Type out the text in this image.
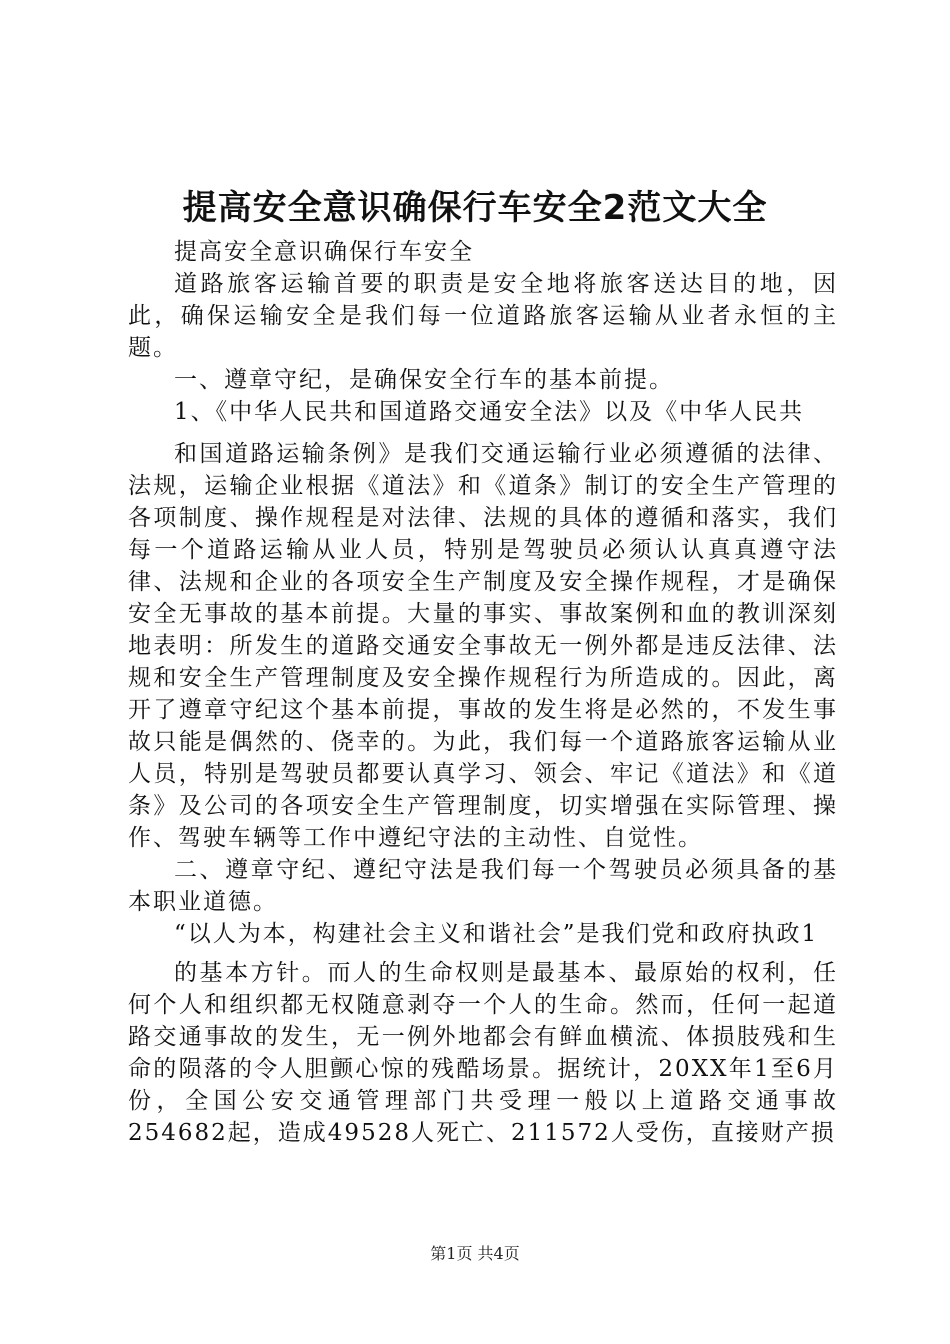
提高安全意识确保行车安全2范文大全

提高安全意识确保行车安全

道路旅客运输首要的职责是安全地将旅客送达目的地，因此，确保运输安全是我们每一位道路旅客运输从业者永恒的主题。

一、遵章守纪，是确保安全行车的基本前提。

1、《中华人民共和国道路交通安全法》以及《中华人民共

和国道路运输条例》是我们交通运输行业必须遵循的法律、法规，运输企业根据《道法》和《道条》制订的安全生产管理的各项制度、操作规程是对法律、法规的具体的遵循和落实，我们每一个道路运输从业人员，特别是驾驶员必须认认真真遵守法律、法规和企业的各项安全生产制度及安全操作规程，才是确保安全无事故的基本前提。大量的事实、事故案例和血的教训深刻地表明：所发生的道路交通安全事故无一例外都是违反法律、法规和安全生产管理制度及安全操作规程行为所造成的。因此，离开了遵章守纪这个基本前提，事故的发生将是必然的，不发生事故只能是偶然的、侥幸的。为此，我们每一个道路旅客运输从业人员，特别是驾驶员都要认真学习、领会、牢记《道法》和《道条》及公司的各项安全生产管理制度，切实增强在实际管理、操作、驾驶车辆等工作中遵纪守法的主动性、自觉性。

二、遵章守纪、遵纪守法是我们每一个驾驶员必须具备的基本职业道德。

“以人为本，构建社会主义和谐社会”是我们党和政府执政1

的基本方针。而人的生命权则是最基本、最原始的权利，任何个人和组织都无权随意剥夺一个人的生命。然而，任何一起道路交通事故的发生，无一例外地都会有鲜血横流、体损肢残和生命的陨落的令人胆颤心惊的残酷场景。据统计，20XX年1至6月份，全国公安交通管理部门共受理一般以上道路交通事故254682起，造成49528人死亡、211572人受伤，直接财产损

第1页 共4页
